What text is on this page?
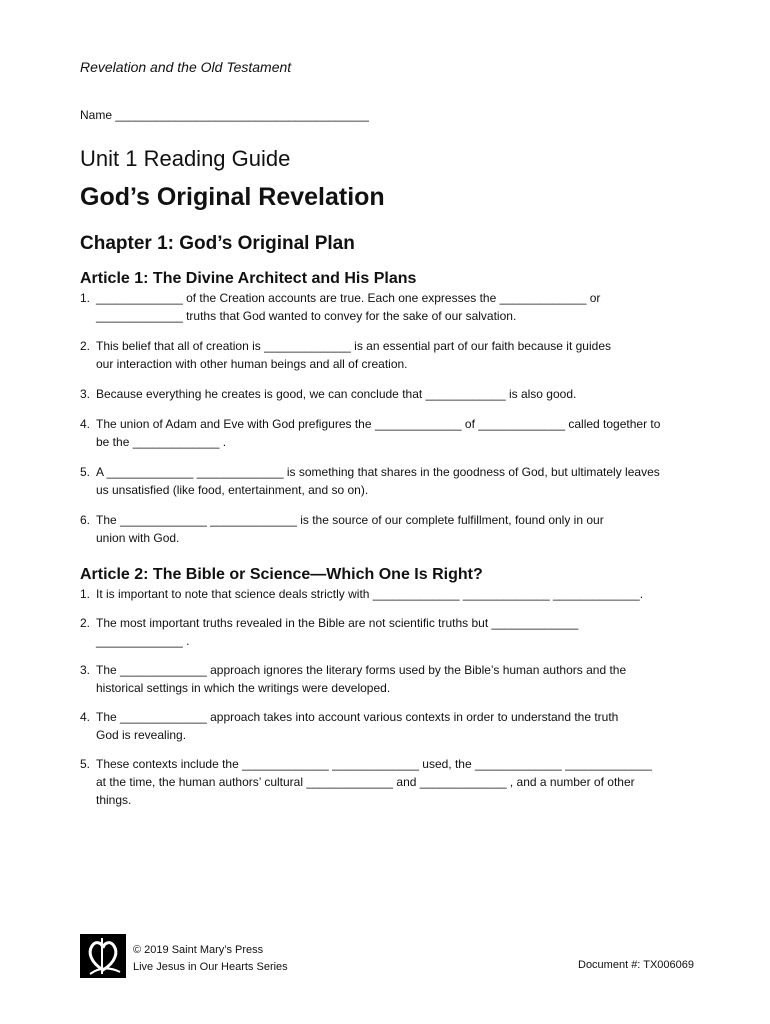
Revelation and the Old Testament
Name ______________________________________
Unit 1 Reading Guide
God’s Original Revelation
Chapter 1: God’s Original Plan
Article 1: The Divine Architect and His Plans
1. _____________ of the Creation accounts are true. Each one expresses the _____________ or
_____________ truths that God wanted to convey for the sake of our salvation.
2. This belief that all of creation is _____________ is an essential part of our faith because it guides
our interaction with other human beings and all of creation.
3. Because everything he creates is good, we can conclude that ____________ is also good.
4. The union of Adam and Eve with God prefigures the _____________ of _____________ called together to
be the _____________ .
5. A _____________ _____________ is something that shares in the goodness of God, but ultimately leaves
us unsatisfied (like food, entertainment, and so on).
6. The _____________ _____________ is the source of our complete fulfillment, found only in our
union with God.
Article 2: The Bible or Science—Which One Is Right?
1. It is important to note that science deals strictly with _____________ _____________ _____________.
2. The most important truths revealed in the Bible are not scientific truths but _____________
_____________ .
3. The _____________ approach ignores the literary forms used by the Bible’s human authors and the
historical settings in which the writings were developed.
4. The _____________ approach takes into account various contexts in order to understand the truth
God is revealing.
5. These contexts include the _____________ _____________ used, the _____________ _____________
at the time, the human authors’ cultural _____________ and _____________ , and a number of other
things.
© 2019 Saint Mary’s Press
Live Jesus in Our Hearts Series	Document #: TX006069
